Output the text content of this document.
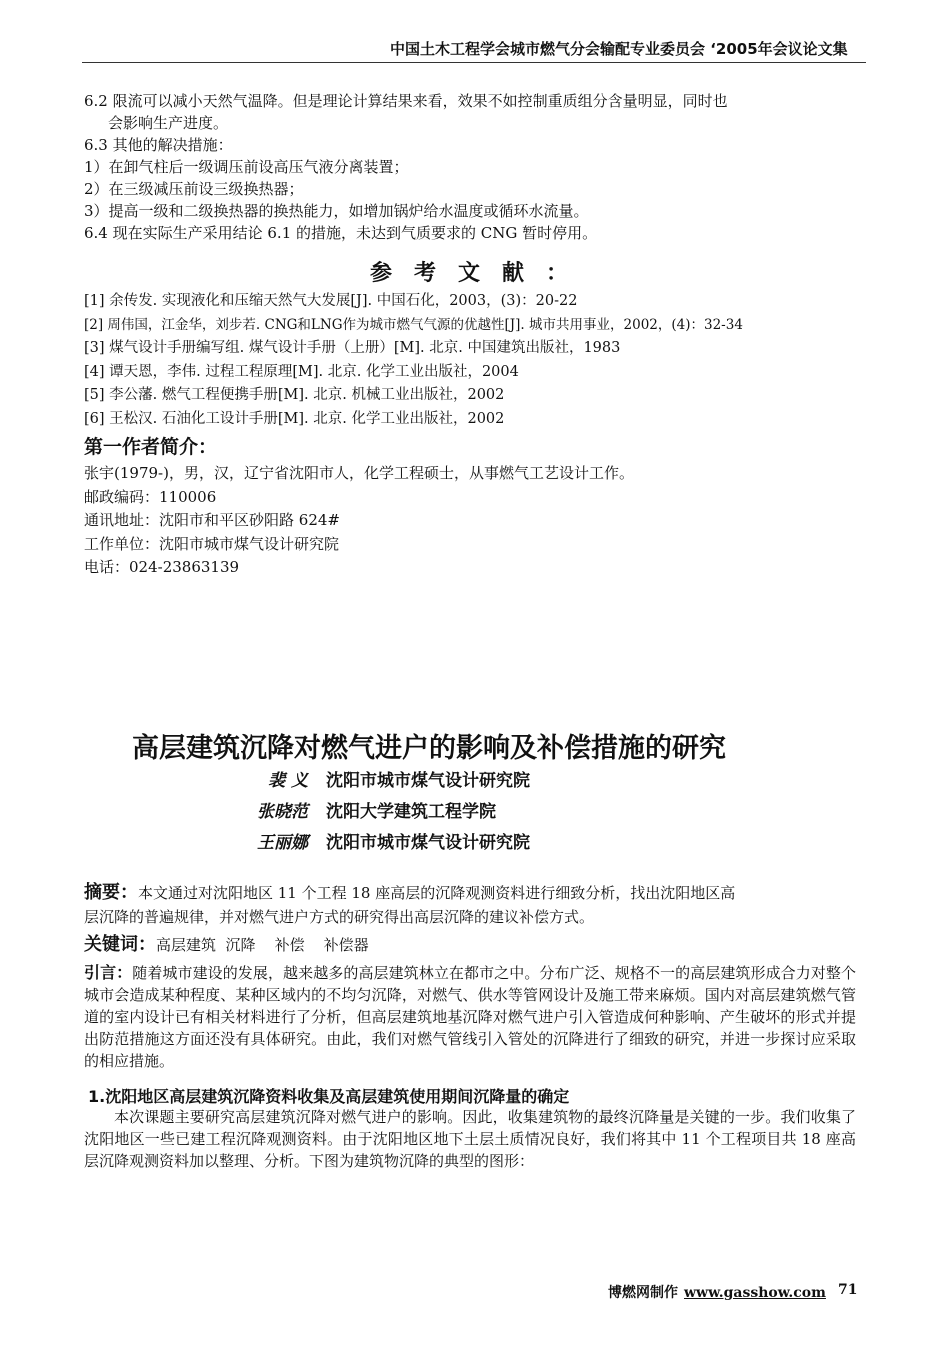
中国土木工程学会城市燃气分会输配专业委员会 ‘2005年会议论文集
6.2 限流可以减小天然气温降。但是理论计算结果来看，效果不如控制重质组分含量明显，同时也
会影响生产进度。
6.3 其他的解决措施：
1）在卸气柱后一级调压前设高压气液分离装置；
2）在三级减压前设三级换热器；
3）提高一级和二级换热器的换热能力，如增加锅炉给水温度或循环水流量。
6.4 现在实际生产采用结论 6.1 的措施，未达到气质要求的 CNG 暂时停用。
参考文献：
[1] 余传发. 实现液化和压缩天然气大发展[J]. 中国石化，2003，(3)：20-22
[2] 周伟国，江金华，刘步若. CNG和LNG作为城市燃气气源的优越性[J]. 城市共用事业，2002，(4)：32-34
[3] 煤气设计手册编写组. 煤气设计手册（上册）[M]. 北京. 中国建筑出版社，1983
[4] 谭天恩，李伟. 过程工程原理[M]. 北京. 化学工业出版社，2004
[5] 李公藩. 燃气工程便携手册[M]. 北京. 机械工业出版社，2002
[6] 王松汉. 石油化工设计手册[M]. 北京. 化学工业出版社，2002
第一作者简介：
张宇(1979-)，男，汉，辽宁省沈阳市人，化学工程硕士，从事燃气工艺设计工作。
邮政编码：110006
通讯地址：沈阳市和平区砂阳路 624#
工作单位：沈阳市城市煤气设计研究院
电话：024-23863139
高层建筑沉降对燃气进户的影响及补偿措施的研究
裴 义 沈阳市城市煤气设计研究院
张晓范 沈阳大学建筑工程学院
王丽娜 沈阳市城市煤气设计研究院
摘要：本文通过对沈阳地区 11 个工程 18 座高层的沉降观测资料进行细致分析，找出沈阳地区高
层沉降的普遍规律，并对燃气进户方式的研究得出高层沉降的建议补偿方式。
关键词：高层建筑  沉降    补偿    补偿器
引言：随着城市建设的发展，越来越多的高层建筑林立在都市之中。分布广泛、规格不一的高层建筑形成合力对整个城市会造成某种程度、某种区域内的不均匀沉降，对燃气、供水等管网设计及施工带来麻烦。国内对高层建筑燃气管道的室内设计已有相关材料进行了分析，但高层建筑地基沉降对燃气进户引入管造成何种影响、产生破坏的形式并提出防范措施这方面还没有具体研究。由此，我们对燃气管线引入管处的沉降进行了细致的研究，并进一步探讨应采取的相应措施。
1.沈阳地区高层建筑沉降资料收集及高层建筑使用期间沉降量的确定
本次课题主要研究高层建筑沉降对燃气进户的影响。因此，收集建筑物的最终沉降量是关键的一步。我们收集了沈阳地区一些已建工程沉降观测资料。由于沈阳地区地下土层土质情况良好，我们将其中 11 个工程项目共 18 座高层沉降观测资料加以整理、分析。下图为建筑物沉降的典型的图形：
博燃网制作 www.gasshow.com 71
